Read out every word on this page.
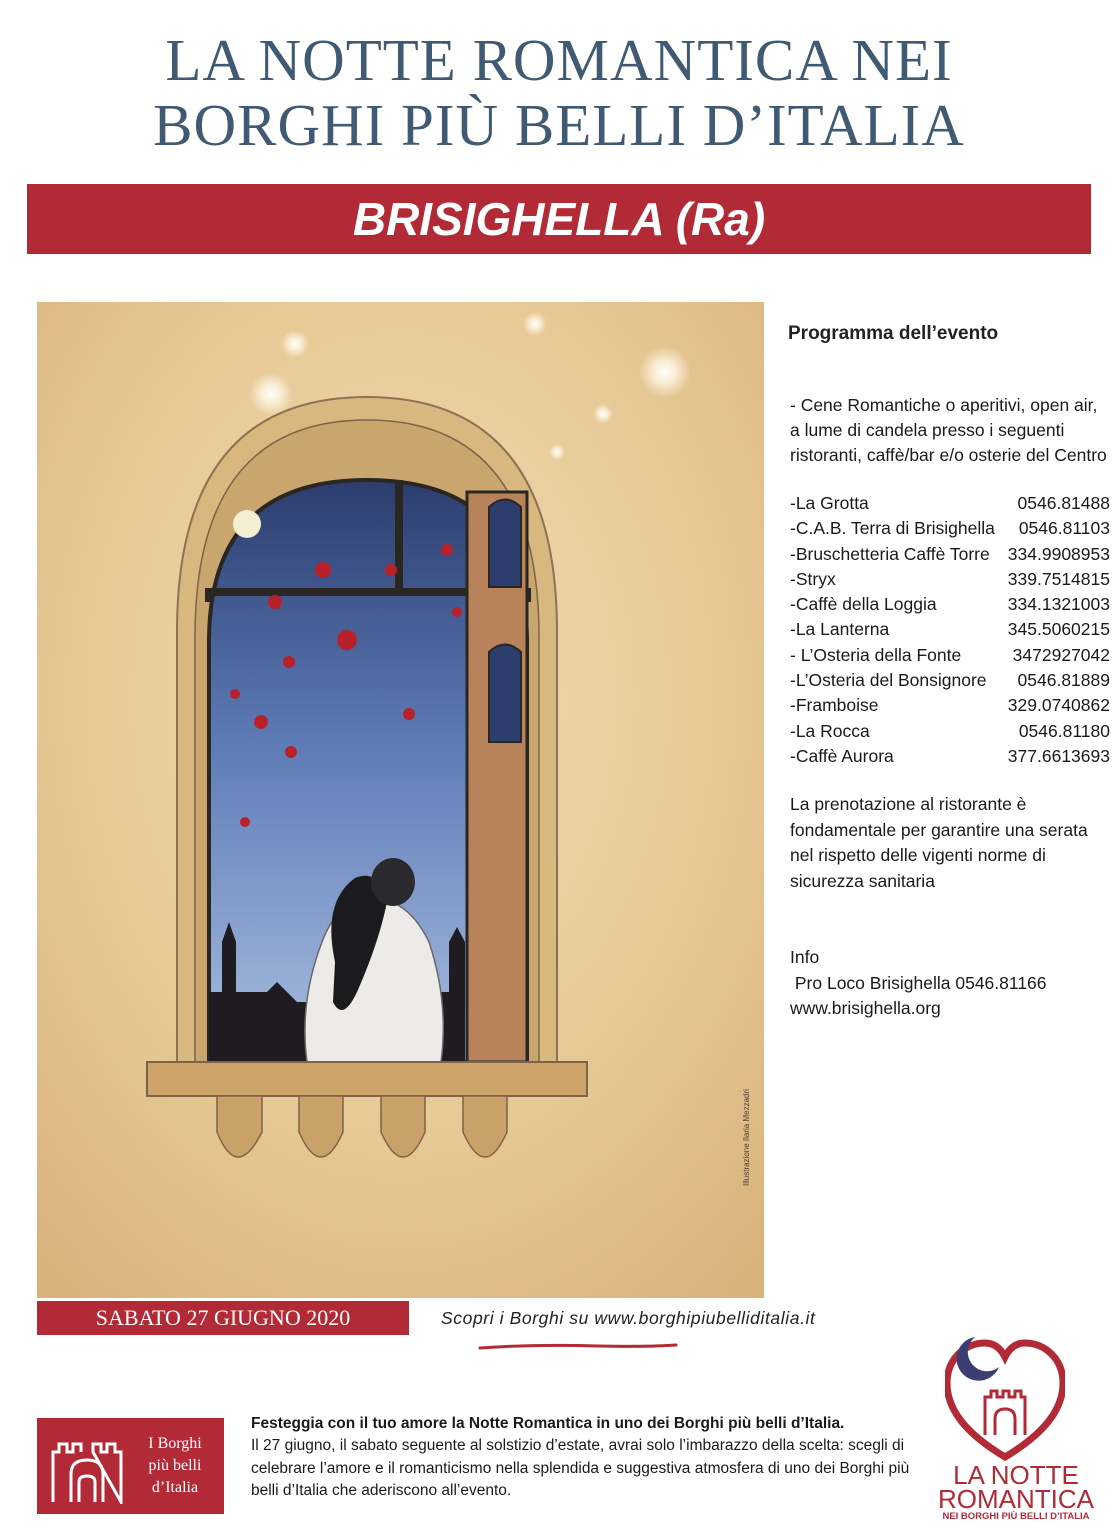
LA NOTTE ROMANTICA NEI
BORGHI PIÙ BELLI D’ITALIA
BRISIGHELLA (Ra)
Illustrazione Ilaria Mezzadri
Programma dell’evento
- Cene Romantiche o aperitivi, open air, a lume di candela presso i seguenti ristoranti, caffè/bar e/o osterie del Centro
-La Grotta	0546.81488
-C.A.B. Terra di Brisighella 0546.81103
-Bruschetteria Caffè Torre 334.9908953
-Stryx	339.7514815
-Caffè della Loggia	334.1321003
-La Lanterna	345.5060215
- L’Osteria della Fonte	3472927042
-L’Osteria del Bonsignore 0546.81889
-Framboise	329.0740862
-La Rocca	0546.81180
-Caffè Aurora	377.6613693
La prenotazione al ristorante è fondamentale per garantire una serata nel rispetto delle vigenti norme di sicurezza sanitaria
Info
Pro Loco Brisighella 0546.81166
www.brisighella.org
SABATO 27 GIUGNO 2020	Scopri i Borghi su www.borghipiubelliditalia.it
I Borghi
più belli
d’Italia
Festeggia con il tuo amore la Notte Romantica in uno dei Borghi più belli d’Italia.
Il 27 giugno, il sabato seguente al solstizio d’estate, avrai solo l’imbarazzo della scelta: scegli di celebrare l’amore e il romanticismo nella splendida e suggestiva atmosfera di uno dei Borghi più belli d’Italia che aderiscono all’evento.
LA NOTTE
ROMANTICA
NEI BORGHI PIÙ BELLI D’ITALIA
